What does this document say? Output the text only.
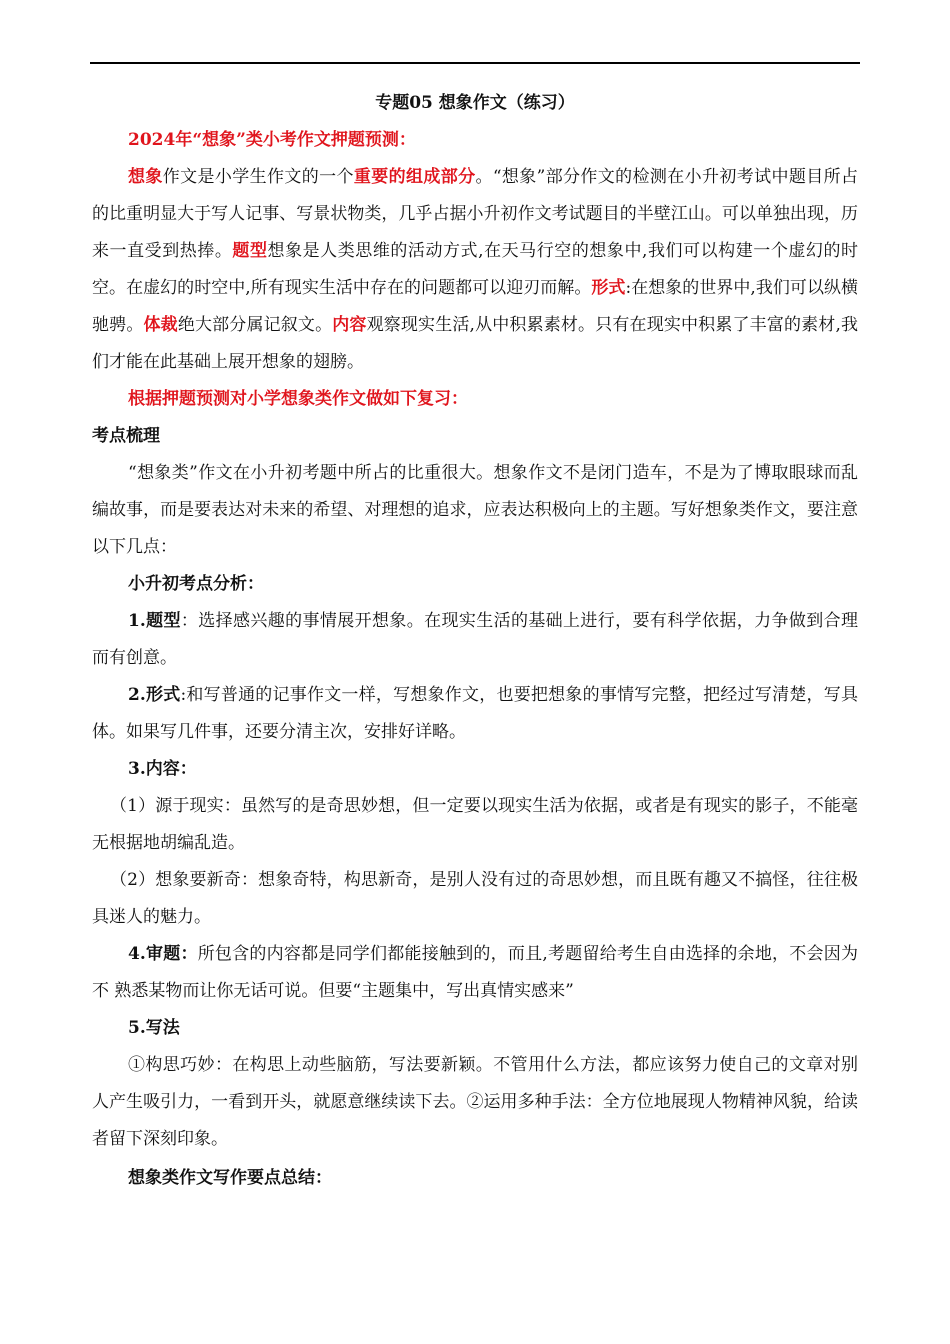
专题05 想象作文（练习）

2024年“想象”类小考作文押题预测：

想象作文是小学生作文的一个重要的组成部分。“想象”部分作文的检测在小升初考试中题目所占的比重明显大于写人记事、写景状物类，几乎占据小升初作文考试题目的半壁江山。可以单独出现，历来一直受到热捧。题型想象是人类思维的活动方式,在天马行空的想象中,我们可以构建一个虚幻的时空。在虚幻的时空中,所有现实生活中存在的问题都可以迎刃而解。形式:在想象的世界中,我们可以纵横驰骋。体裁绝大部分属记叙文。内容观察现实生活,从中积累素材。只有在现实中积累了丰富的素材,我们才能在此基础上展开想象的翅膀。

根据押题预测对小学想象类作文做如下复习：

考点梳理

“想象类”作文在小升初考题中所占的比重很大。想象作文不是闭门造车，不是为了博取眼球而乱编故事，而是要表达对未来的希望、对理想的追求，应表达积极向上的主题。写好想象类作文，要注意以下几点：

小升初考点分析：

1.题型：选择感兴趣的事情展开想象。在现实生活的基础上进行，要有科学依据，力争做到合理而有创意。

2.形式:和写普通的记事作文一样，写想象作文，也要把想象的事情写完整，把经过写清楚，写具体。如果写几件事，还要分清主次，安排好详略。

3.内容：

（1）源于现实：虽然写的是奇思妙想，但一定要以现实生活为依据，或者是有现实的影子，不能毫无根据地胡编乱造。

（2）想象要新奇：想象奇特，构思新奇，是别人没有过的奇思妙想，而且既有趣又不搞怪，往往极具迷人的魅力。

4.审题：所包含的内容都是同学们都能接触到的，而且,考题留给考生自由选择的余地，不会因为不 熟悉某物而让你无话可说。但要“主题集中，写出真情实感来”

5.写法

①构思巧妙：在构思上动些脑筋，写法要新颖。不管用什么方法，都应该努力使自己的文章对别人产生吸引力，一看到开头，就愿意继续读下去。②运用多种手法：全方位地展现人物精神风貌，给读者留下深刻印象。

想象类作文写作要点总结：
